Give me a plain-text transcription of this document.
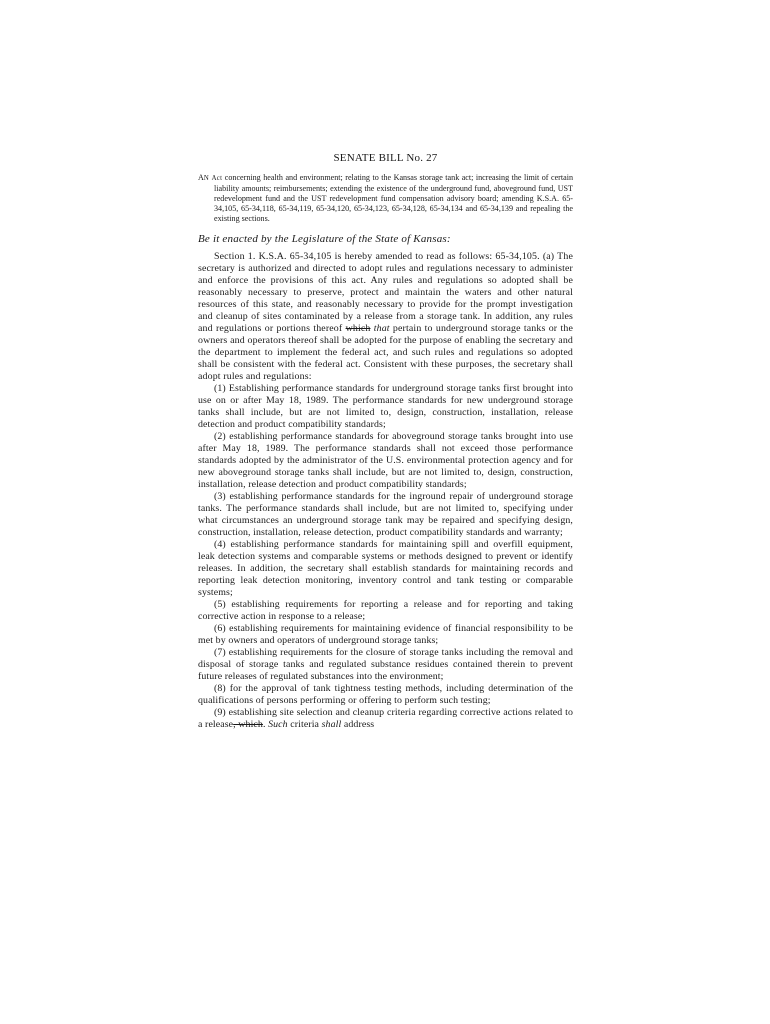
SENATE BILL No. 27

AN Act concerning health and environment; relating to the Kansas storage tank act; increasing the limit of certain liability amounts; reimbursements; extending the existence of the underground fund, aboveground fund, UST redevelopment fund and the UST redevelopment fund compensation advisory board; amending K.S.A. 65-34,105, 65-34,118, 65-34,119, 65-34,120, 65-34,123, 65-34,128, 65-34,134 and 65-34,139 and repealing the existing sections.

Be it enacted by the Legislature of the State of Kansas:

Section 1. K.S.A. 65-34,105 is hereby amended to read as follows: 65-34,105. (a) The secretary is authorized and directed to adopt rules and regulations necessary to administer and enforce the provisions of this act. Any rules and regulations so adopted shall be reasonably necessary to preserve, protect and maintain the waters and other natural resources of this state, and reasonably necessary to provide for the prompt investigation and cleanup of sites contaminated by a release from a storage tank. In addition, any rules and regulations or portions thereof which that pertain to underground storage tanks or the owners and operators thereof shall be adopted for the purpose of enabling the secretary and the department to implement the federal act, and such rules and regulations so adopted shall be consistent with the federal act. Consistent with these purposes, the secretary shall adopt rules and regulations:

(1) Establishing performance standards for underground storage tanks first brought into use on or after May 18, 1989. The performance standards for new underground storage tanks shall include, but are not limited to, design, construction, installation, release detection and product compatibility standards;

(2) establishing performance standards for aboveground storage tanks brought into use after May 18, 1989. The performance standards shall not exceed those performance standards adopted by the administrator of the U.S. environmental protection agency and for new aboveground storage tanks shall include, but are not limited to, design, construction, installation, release detection and product compatibility standards;

(3) establishing performance standards for the inground repair of underground storage tanks. The performance standards shall include, but are not limited to, specifying under what circumstances an underground storage tank may be repaired and specifying design, construction, installation, release detection, product compatibility standards and warranty;

(4) establishing performance standards for maintaining spill and overfill equipment, leak detection systems and comparable systems or methods designed to prevent or identify releases. In addition, the secretary shall establish standards for maintaining records and reporting leak detection monitoring, inventory control and tank testing or comparable systems;

(5) establishing requirements for reporting a release and for reporting and taking corrective action in response to a release;

(6) establishing requirements for maintaining evidence of financial responsibility to be met by owners and operators of underground storage tanks;

(7) establishing requirements for the closure of storage tanks including the removal and disposal of storage tanks and regulated substance residues contained therein to prevent future releases of regulated substances into the environment;

(8) for the approval of tank tightness testing methods, including determination of the qualifications of persons performing or offering to perform such testing;

(9) establishing site selection and cleanup criteria regarding corrective actions related to a release, which. Such criteria shall address
